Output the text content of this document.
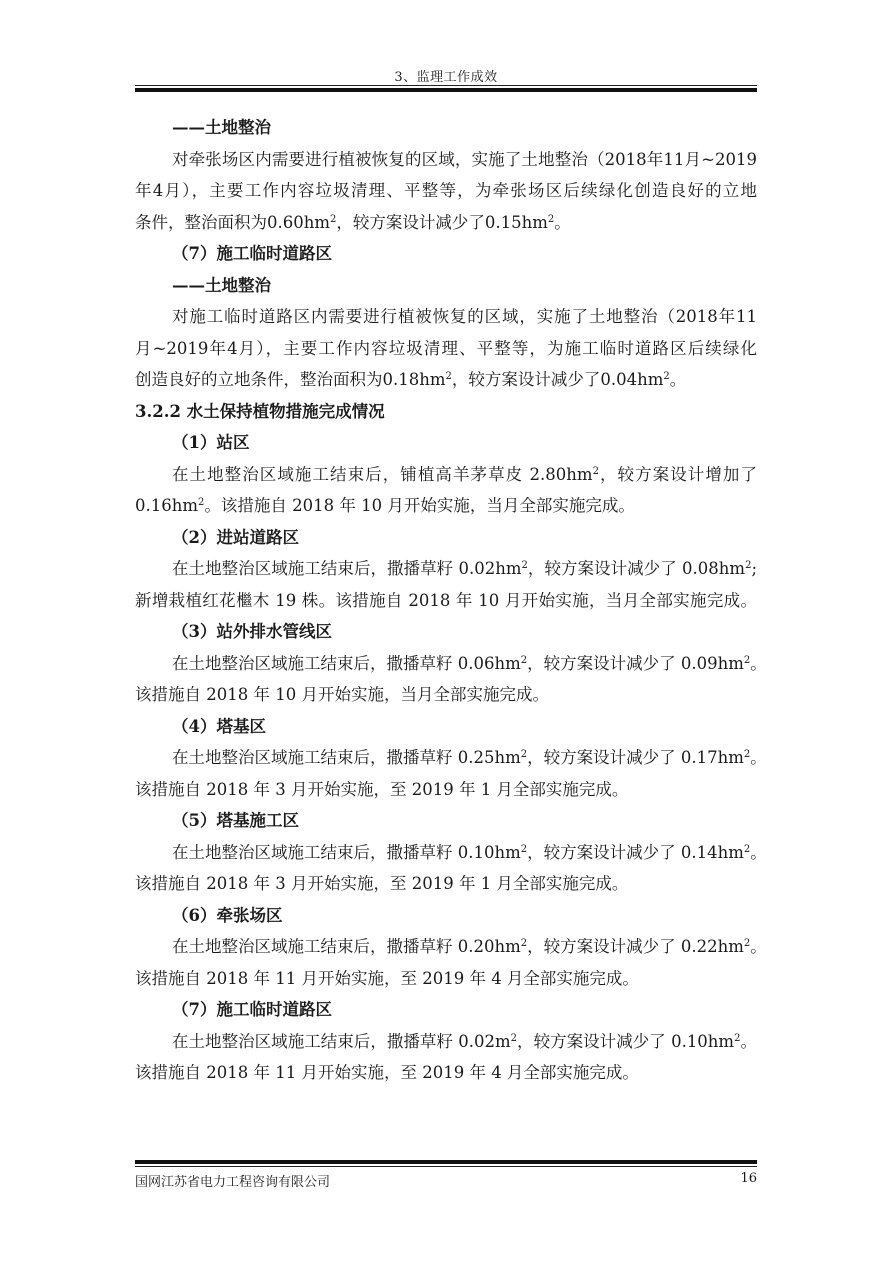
3、监理工作成效
——土地整治
对牵张场区内需要进行植被恢复的区域，实施了土地整治（2018年11月~2019
年4月），主要工作内容垃圾清理、平整等，为牵张场区后续绿化创造良好的立地
条件，整治面积为$0.60hm^2$，较方案设计减少了$0.15hm^2$。
（7）施工临时道路区
——土地整治
对施工临时道路区内需要进行植被恢复的区域，实施了土地整治（2018年11
月~2019年4月），主要工作内容垃圾清理、平整等，为施工临时道路区后续绿化
创造良好的立地条件，整治面积为$0.18hm^2$，较方案设计减少了$0.04hm^2$。
3.2.2 水土保持植物措施完成情况
（1）站区
在土地整治区域施工结束后，铺植高羊茅草皮 $2.80hm^2$，较方案设计增加了
$0.16hm^2$。该措施自 2018 年 10 月开始实施，当月全部实施完成。
（2）进站道路区
在土地整治区域施工结束后，撒播草籽 $0.02hm^2$，较方案设计减少了 $0.08hm^2$;
新增栽植红花檵木 19 株。该措施自 2018 年 10 月开始实施，当月全部实施完成。
（3）站外排水管线区
在土地整治区域施工结束后，撒播草籽 $0.06hm^2$，较方案设计减少了 $0.09hm^2$。
该措施自 2018 年 10 月开始实施，当月全部实施完成。
（4）塔基区
在土地整治区域施工结束后，撒播草籽 $0.25hm^2$，较方案设计减少了 $0.17hm^2$。
该措施自 2018 年 3 月开始实施，至 2019 年 1 月全部实施完成。
（5）塔基施工区
在土地整治区域施工结束后，撒播草籽 $0.10hm^2$，较方案设计减少了 $0.14hm^2$。
该措施自 2018 年 3 月开始实施，至 2019 年 1 月全部实施完成。
（6）牵张场区
在土地整治区域施工结束后，撒播草籽 $0.20hm^2$，较方案设计减少了 $0.22hm^2$。
该措施自 2018 年 11 月开始实施，至 2019 年 4 月全部实施完成。
（7）施工临时道路区
在土地整治区域施工结束后，撒播草籽 $0.02m^2$，较方案设计减少了 $0.10hm^2$。
该措施自 2018 年 11 月开始实施，至 2019 年 4 月全部实施完成。
国网江苏省电力工程咨询有限公司	16
